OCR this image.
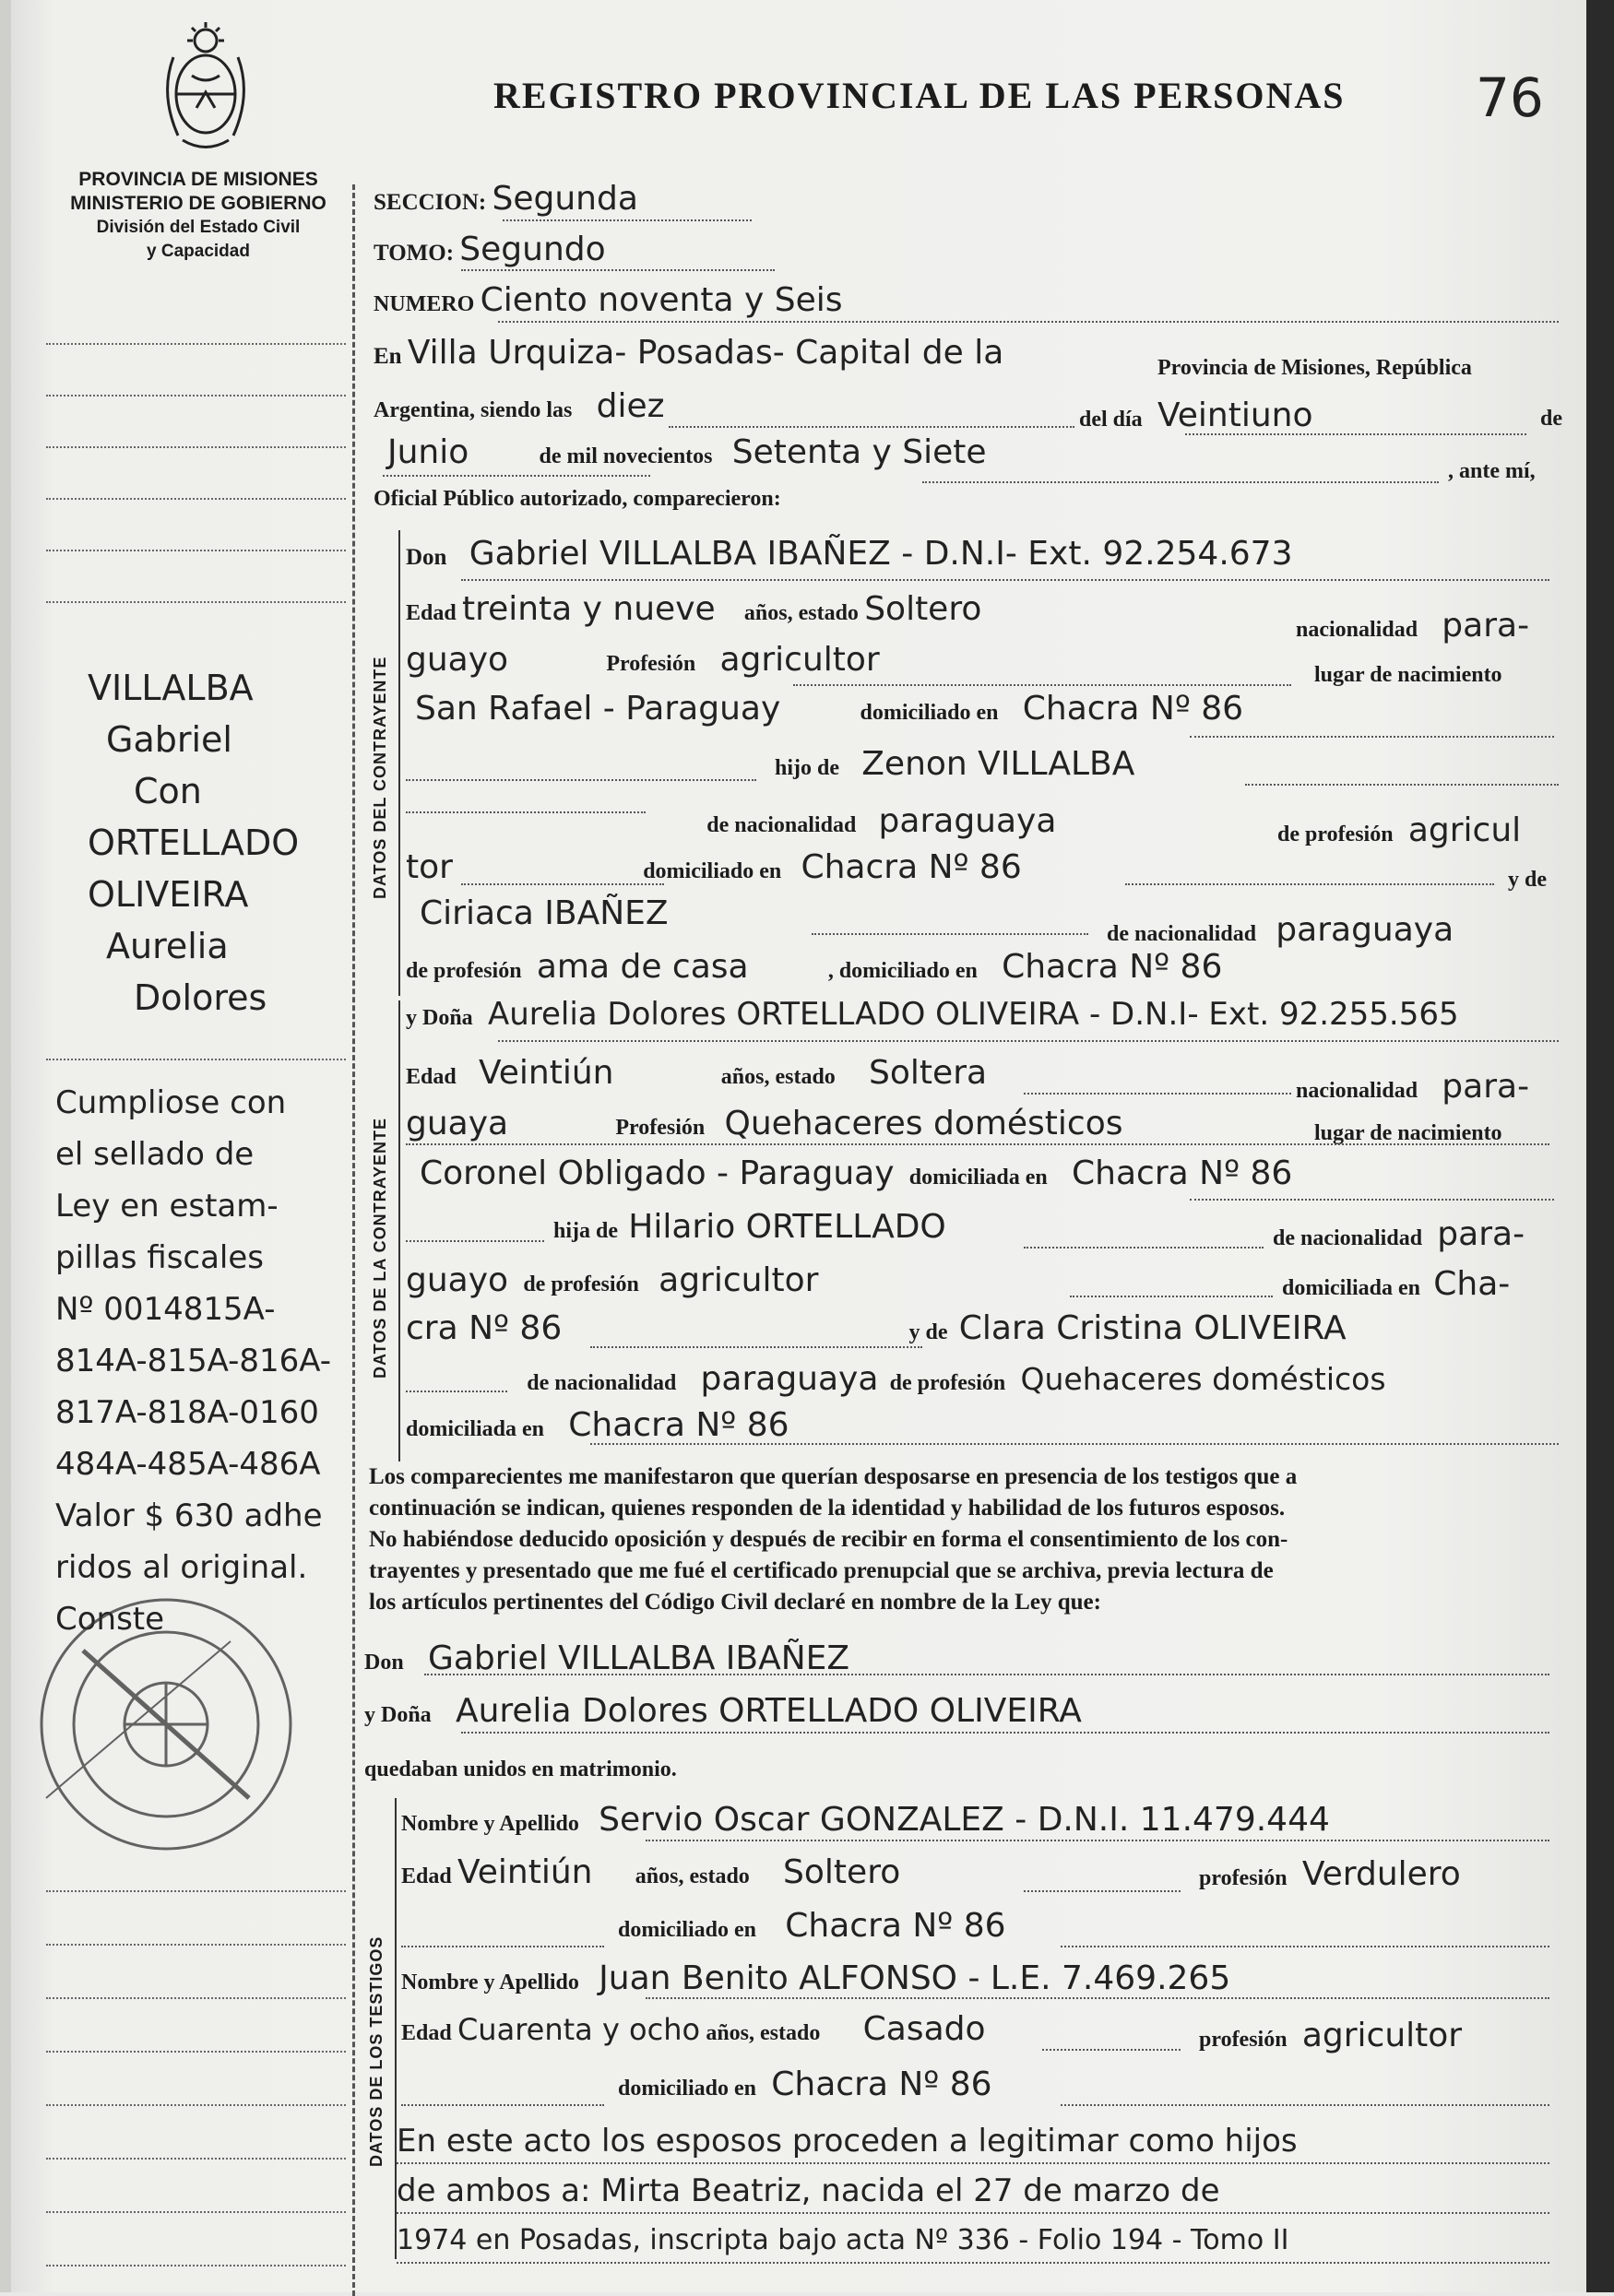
PROVINCIA DE MISIONES
MINISTERIO DE GOBIERNO
División del Estado Civil
y Capacidad
REGISTRO PROVINCIAL DE LAS PERSONAS 76
VILLALBA
Gabriel
Con
ORTELLADO
OLIVEIRA
Aurelia
Dolores
Cumpliose con
el sellado de
Ley en estam-
pillas fiscales
Nº 0014815A-
814A-815A-816A-
817A-818A-0160
484A-485A-486A
Valor $ 630 adhe
ridos al original.
Conste
SECCION: Segunda
TOMO: Segundo
NUMERO Ciento noventa y Seis
En Villa Urquiza- Posadas- Capital de la	Provincia de Misiones, República
Argentina, siendo las diez	del día Veintiuno	de
Junio	de mil novecientos Setenta y Siete	, ante mí,
Oficial Público autorizado, comparecieron:
DATOS DEL CONTRAYENTE
Don Gabriel VILLALBA IBAÑEZ - D.N.I- Ext. 92.254.673
Edad treinta y nueve años, estado Soltero
nacionalidad para-
guayo	Profesión agricultor	lugar de nacimiento
San Rafael - Paraguay	domiciliado en Chacra Nº 86
hijo de Zenon VILLALBA
de nacionalidad paraguaya	de profesión agricul
tor	domiciliado en Chacra Nº 86	y de
Ciriaca IBAÑEZ
de nacionalidad paraguaya
de profesión ama de casa	, domiciliado en Chacra Nº 86
DATOS DE LA CONTRAYENTE
y Doña Aurelia Dolores ORTELLADO OLIVEIRA - D.N.I- Ext. 92.255.565
Edad Veintiún	años, estado Soltera	nacionalidad para-
guaya	Profesión Quehaceres domésticos	lugar de nacimiento
Coronel Obligado - Paraguay domiciliada en Chacra Nº 86
hija de Hilario ORTELLADO	de nacionalidad para-
guayo de profesión agricultor	domiciliada en Cha-
cra Nº 86	y de Clara Cristina OLIVEIRA
de nacionalidad paraguaya de profesión Quehaceres domésticos
domiciliada en Chacra Nº 86
Los comparecientes me manifestaron que querían desposarse en presencia de los testigos que a
continuación se indican, quienes responden de la identidad y habilidad de los futuros esposos.
No habiéndose deducido oposición y después de recibir en forma el consentimiento de los con-
trayentes y presentado que me fué el certificado prenupcial que se archiva, previa lectura de
los artículos pertinentes del Código Civil declaré en nombre de la Ley que:
Don Gabriel VILLALBA IBAÑEZ
y Doña Aurelia Dolores ORTELLADO OLIVEIRA
quedaban unidos en matrimonio.
DATOS DE LOS TESTIGOS
Nombre y Apellido Servio Oscar GONZALEZ - D.N.I. 11.479.444
Edad Veintiún años, estado Soltero	profesión Verdulero
domiciliado en Chacra Nº 86
Nombre y Apellido Juan Benito ALFONSO - L.E. 7.469.265
Edad Cuarenta y ocho años, estado Casado	profesión agricultor
domiciliado en Chacra Nº 86
En este acto los esposos proceden a legitimar como hijos
de ambos a: Mirta Beatriz, nacida el 27 de marzo de
1974 en Posadas, inscripta bajo acta Nº 336 - Folio 194 - Tomo II
